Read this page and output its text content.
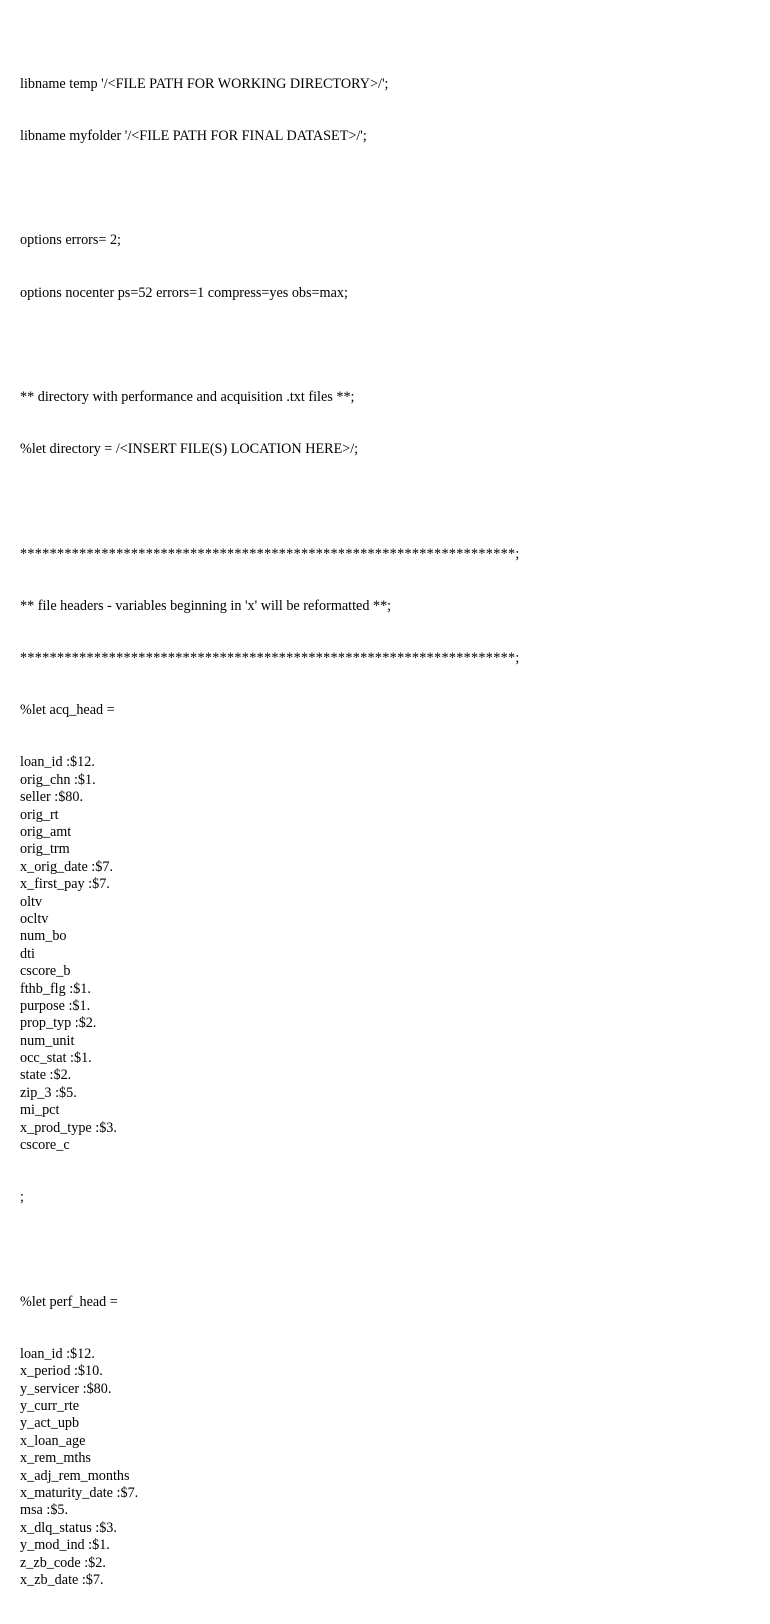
libname temp '/<FILE PATH FOR WORKING DIRECTORY>/';

libname myfolder '/<FILE PATH FOR FINAL DATASET>/';

options errors= 2;

options nocenter ps=52 errors=1 compress=yes obs=max;

** directory with performance and acquisition .txt files **;

%let directory = /<INSERT FILE(S) LOCATION HERE>/;

*******************************************************************;

** file headers - variables beginning in 'x' will be reformatted **;

*******************************************************************;

%let acq_head =

loan_id :$12.
orig_chn :$1.
seller :$80.
orig_rt
orig_amt
orig_trm
x_orig_date :$7.
x_first_pay :$7.
oltv
ocltv
num_bo
dti
cscore_b
fthb_flg :$1.
purpose :$1.
prop_typ :$2.
num_unit
occ_stat :$1.
state :$2.
zip_3 :$5.
mi_pct
x_prod_type :$3.
cscore_c

;

%let perf_head =

loan_id :$12.
x_period :$10.
y_servicer :$80.
y_curr_rte
y_act_upb
x_loan_age
x_rem_mths
x_adj_rem_months
x_maturity_date :$7.
msa :$5.
x_dlq_status :$3.
y_mod_ind :$1.
z_zb_code :$2.
x_zb_date :$7.
